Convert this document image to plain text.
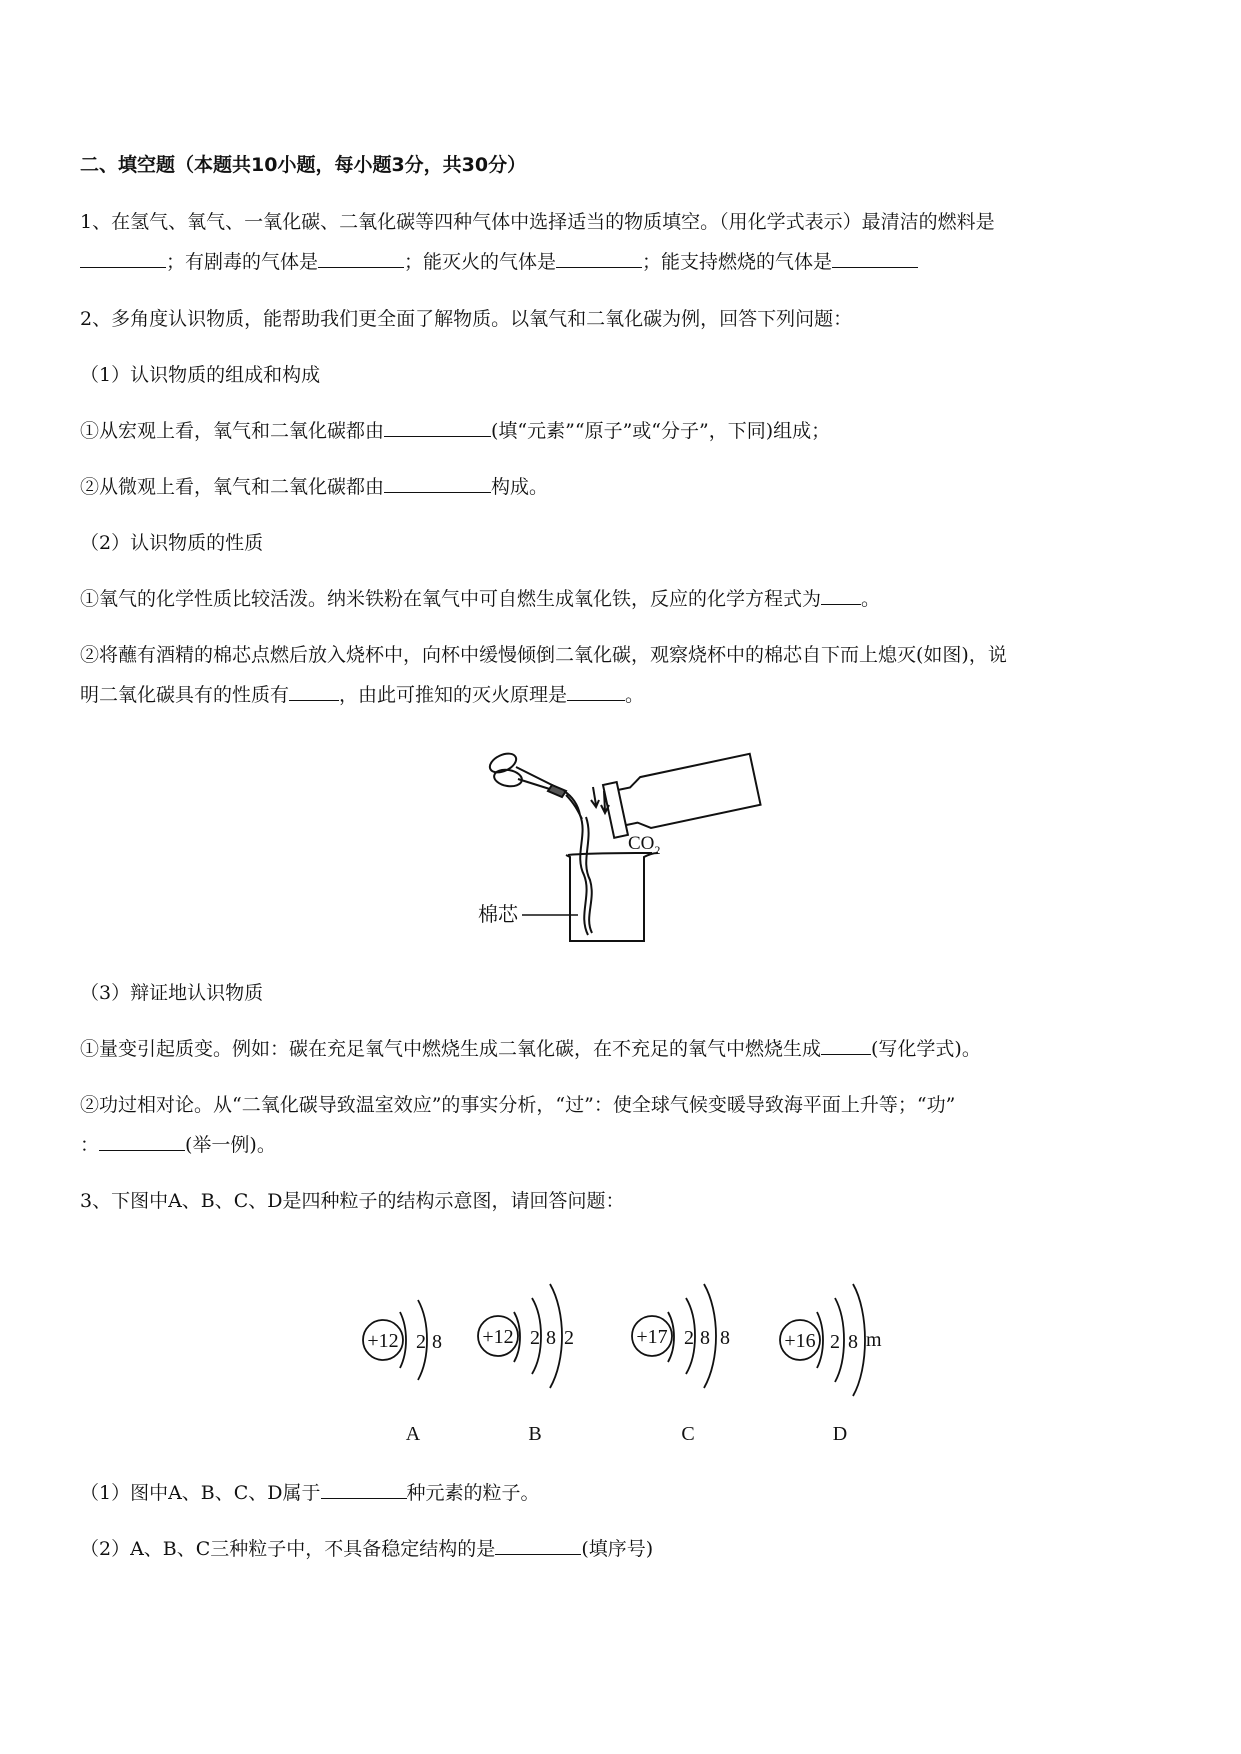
二、填空题（本题共10小题，每小题3分，共30分）
1、在氢气、氧气、一氧化碳、二氧化碳等四种气体中选择适当的物质填空。（用化学式表示）最清洁的燃料是
；有剧毒的气体是	；能灭火的气体是	；能支持燃烧的气体是
2、多角度认识物质，能帮助我们更全面了解物质。以氧气和二氧化碳为例，回答下列问题：
（1）认识物质的组成和构成
①从宏观上看，氧气和二氧化碳都由	(填“元素”“原子”或“分子”，下同)组成；
②从微观上看，氧气和二氧化碳都由	构成。
（2）认识物质的性质
①氧气的化学性质比较活泼。纳米铁粉在氧气中可自燃生成氧化铁，反应的化学方程式为 。
②将蘸有酒精的棉芯点燃后放入烧杯中，向杯中缓慢倾倒二氧化碳，观察烧杯中的棉芯自下而上熄灭(如图)，说
明二氧化碳具有的性质有	，由此可推知的灭火原理是	。
$CO_2$
棉芯
（3）辩证地认识物质
①量变引起质变。例如：碳在充足氧气中燃烧生成二氧化碳，在不充足的氧气中燃烧生成	(写化学式)。
②功过相对论。从“二氧化碳导致温室效应”的事实分析，“过”：使全球气候变暖导致海平面上升等；“功”
：	(举一例)。
3、下图中A、B、C、D是四种粒子的结构示意图，请回答问题：
+12 2 8
A
+12 2 8 2
B
+17 2 8 8
C
+16 2 8 m
D
（1）图中A、B、C、D属于	种元素的粒子。
（2）A、B、C三种粒子中，不具备稳定结构的是	(填序号)
